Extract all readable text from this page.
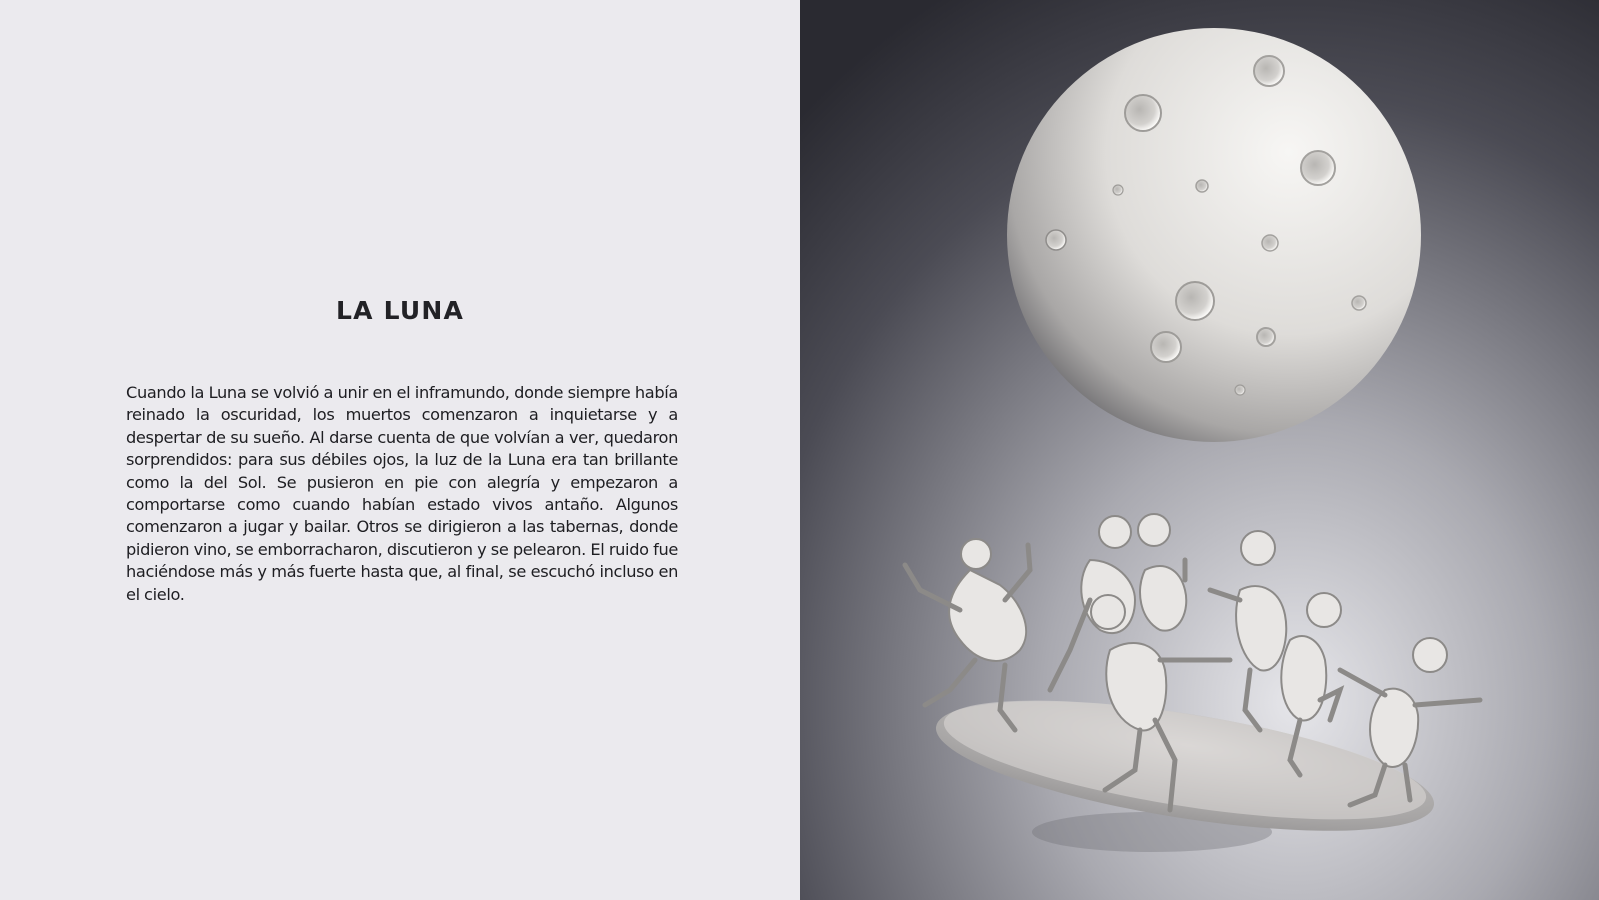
LA LUNA

Cuando la Luna se volvió a unir en el inframundo, donde siempre había reinado la oscuridad, los muertos comenzaron a inquietarse y a despertar de su sueño. Al darse cuenta de que volvían a ver, quedaron sorprendidos: para sus débiles ojos, la luz de la Luna era tan brillante como la del Sol. Se pusieron en pie con alegría y empezaron a comportarse como cuando habían estado vivos antaño. Algunos comenzaron a jugar y bailar. Otros se dirigieron a las tabernas, donde pidieron vino, se emborracharon, discutieron y se pelearon. El ruido fue haciéndose más y más fuerte hasta que, al final, se escuchó incluso en el cielo.
